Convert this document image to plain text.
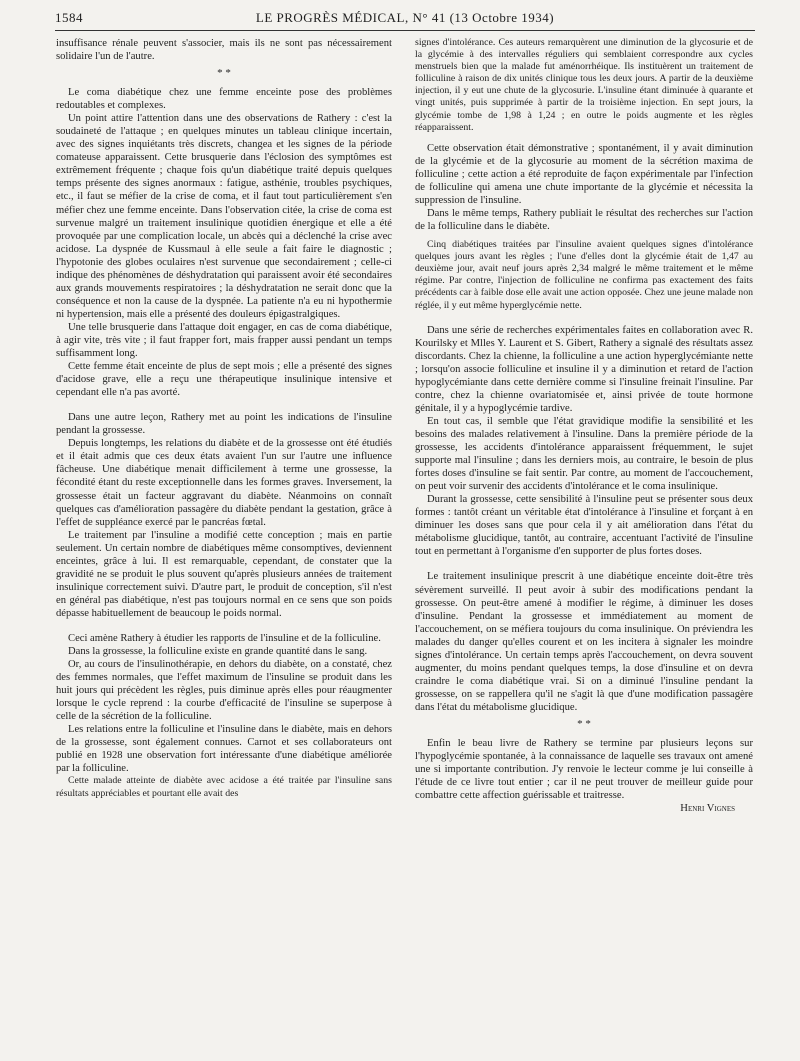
1584	LE PROGRÈS MÉDICAL, N° 41 (13 Octobre 1934)

insuffisance rénale peuvent s'associer, mais ils ne sont pas nécessairement solidaire l'un de l'autre.

* *

Le coma diabétique chez une femme enceinte pose des problèmes redoutables et complexes.

Un point attire l'attention dans une des observations de Rathery : c'est la soudaineté de l'attaque ; en quelques minutes un tableau clinique incertain, avec des signes inquiétants très discrets, changea et les signes de la période comateuse apparaissent. Cette brusquerie dans l'éclosion des symptômes est extrêmement fréquente ; chaque fois qu'un diabétique traité depuis quelques temps présente des signes anormaux : fatigue, asthénie, troubles psychiques, etc., il faut se méfier de la crise de coma, et il faut tout particulièrement s'en méfier chez une femme enceinte. Dans l'observation citée, la crise de coma est survenue malgré un traitement insulinique quotidien énergique et elle a été provoquée par une complication locale, un abcès qui a déclenché la crise avec acidose. La dyspnée de Kussmaul à elle seule a fait faire le diagnostic ; l'hypotonie des globes oculaires n'est survenue que secondairement ; celle-ci indique des phénomènes de déshydratation qui paraissent avoir été secondaires aux grands mouvements respiratoires ; la déshydratation ne serait donc que la conséquence et non la cause de la dyspnée. La patiente n'a eu ni hypothermie ni hypertension, mais elle a présenté des douleurs épigastralgiques.

Une telle brusquerie dans l'attaque doit engager, en cas de coma diabétique, à agir vite, très vite ; il faut frapper fort, mais frapper aussi pendant un temps suffisamment long.

Cette femme était enceinte de plus de sept mois ; elle a présenté des signes d'acidose grave, elle a reçu une thérapeutique insulinique intensive et cependant elle n'a pas avorté.

Dans une autre leçon, Rathery met au point les indications de l'insuline pendant la grossesse.

Depuis longtemps, les relations du diabète et de la grossesse ont été étudiés et il était admis que ces deux états avaient l'un sur l'autre une influence fâcheuse. Une diabétique menait difficilement à terme une grossesse, la fécondité étant du reste exceptionnelle dans les formes graves. Inversement, la grossesse était un facteur aggravant du diabète. Néanmoins on connaît quelques cas d'amélioration passagère du diabète pendant la gestation, grâce à l'effet de suppléance exercé par le pancréas fœtal.

Le traitement par l'insuline a modifié cette conception ; mais en partie seulement. Un certain nombre de diabétiques même consomptives, deviennent enceintes, grâce à lui. Il est remarquable, cependant, de constater que la gravidité ne se produit le plus souvent qu'après plusieurs années de traitement insulinique correctement suivi. D'autre part, le produit de conception, s'il n'est en général pas diabétique, n'est pas toujours normal en ce sens que son poids dépasse habituellement de beaucoup le poids normal.

Ceci amène Rathery à étudier les rapports de l'insuline et de la folliculine.

Dans la grossesse, la folliculine existe en grande quantité dans le sang.

Or, au cours de l'insulinothérapie, en dehors du diabète, on a constaté, chez des femmes normales, que l'effet maximum de l'insuline se produit dans les huit jours qui précèdent les règles, puis diminue après elles pour réaugmenter lorsque le cycle reprend : la courbe d'efficacité de l'insuline se superpose à celle de la sécrétion de la folliculine.

Les relations entre la folliculine et l'insuline dans le diabète, mais en dehors de la grossesse, sont également connues. Carnot et ses collaborateurs ont publié en 1928 une observation fort intéressante d'une diabétique améliorée par la folliculine.

Cette malade atteinte de diabète avec acidose a été traitée par l'insuline sans résultats appréciables et pourtant elle avait des

signes d'intolérance. Ces auteurs remarquèrent une diminution de la glycosurie et de la glycémie à des intervalles réguliers qui semblaient correspondre aux cycles menstruels bien que la malade fut aménorrhéique. Ils instituèrent un traitement de folliculine à raison de dix unités clinique tous les deux jours. A partir de la deuxième injection, il y eut une chute de la glycosurie. L'insuline étant diminuée à quarante et vingt unités, puis supprimée à partir de la troisième injection. En sept jours, la glycémie tombe de 1,98 à 1,24 ; en outre le poids augmente et les règles réapparaissent.

Cette observation était démonstrative ; spontanément, il y avait diminution de la glycémie et de la glycosurie au moment de la sécrétion maxima de folliculine ; cette action a été reproduite de façon expérimentale par l'infection de folliculine qui amena une chute importante de la glycémie et nécessita la suppression de l'insuline.

Dans le même temps, Rathery publiait le résultat des recherches sur l'action de la folliculine dans le diabète.

Cinq diabétiques traitées par l'insuline avaient quelques signes d'intolérance quelques jours avant les règles ; l'une d'elles dont la glycémie était de 1,47 au deuxième jour, avait neuf jours après 2,34 malgré le même traitement et le même régime. Par contre, l'injection de folliculine ne confirma pas exactement des faits précédents car à faible dose elle avait une action opposée. Chez une jeune malade non réglée, il y eut même hyperglycémie nette.

Dans une série de recherches expérimentales faites en collaboration avec R. Kourilsky et Mlles Y. Laurent et S. Gibert, Rathery a signalé des résultats assez discordants. Chez la chienne, la folliculine a une action hyperglycémiante nette ; lorsqu'on associe folliculine et insuline il y a diminution et retard de l'action hypoglycémiante dans cette dernière comme si l'insuline freinait l'insuline. Par contre, chez la chienne ovariatomisée et, ainsi privée de toute hormone génitale, il y a hypoglycémie tardive.

En tout cas, il semble que l'état gravidique modifie la sensibilité et les besoins des malades relativement à l'insuline. Dans la première période de la grossesse, les accidents d'intolérance apparaissent fréquemment, le sujet supporte mal l'insuline ; dans les derniers mois, au contraire, le besoin de plus fortes doses d'insuline se fait sentir. Par contre, au moment de l'accouchement, on peut voir survenir des accidents d'intolérance et le coma insulinique.

Durant la grossesse, cette sensibilité à l'insuline peut se présenter sous deux formes : tantôt créant un véritable état d'intolérance à l'insuline et forçant à en diminuer les doses sans que pour cela il y ait amélioration dans l'état du métabolisme glucidique, tantôt, au contraire, accentuant l'activité de l'insuline tout en permettant à l'organisme d'en supporter de plus fortes doses.

Le traitement insulinique prescrit à une diabétique enceinte doit-être très sévèrement surveillé. Il peut avoir à subir des modifications pendant la grossesse. On peut-être amené à modifier le régime, à diminuer les doses d'insuline. Pendant la grossesse et immédiatement au moment de l'accouchement, on se méfiera toujours du coma insulinique. On préviendra les malades du danger qu'elles courent et on les incitera à signaler les moindre signes d'intolérance. Un certain temps après l'accouchement, on devra souvent augmenter, du moins pendant quelques temps, la dose d'insuline et on devra craindre le coma diabétique vrai. Si on a diminué l'insuline pendant la grossesse, on se rappellera qu'il ne s'agit là que d'une modification passagère dans l'état du métabolisme glucidique.

* *

Enfin le beau livre de Rathery se termine par plusieurs leçons sur l'hypoglycémie spontanée, à la connaissance de laquelle ses travaux ont amené une si importante contribution. J'y renvoie le lecteur comme je lui conseille à l'étude de ce livre tout entier ; car il ne peut trouver de meilleur guide pour combattre cette affection guérissable et traitresse.

Henri Vignes
